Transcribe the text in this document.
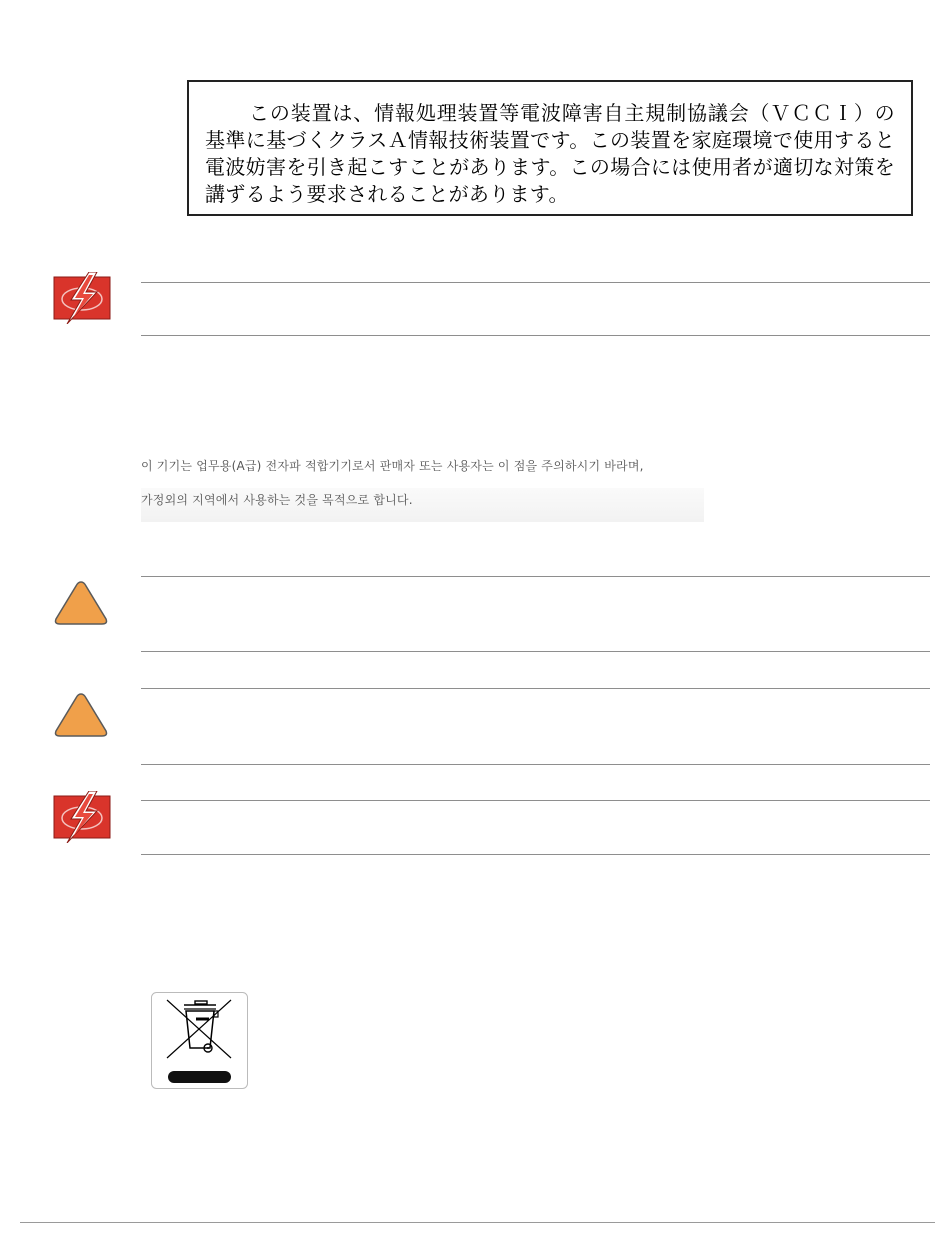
この装置は、情報処理装置等電波障害自主規制協議会（ＶＣＣＩ）の基準に基づくクラスＡ情報技術装置です。この装置を家庭環境で使用すると電波妨害を引き起こすことがあります。この場合には使用者が適切な対策を講ずるよう要求されることがあります。

이 기기는 업무용(A급) 전자파 적합기기로서 판매자 또는 사용자는 이 점을 주의하시기 바라며,
가정외의 지역에서 사용하는 것을 목적으로 합니다.
